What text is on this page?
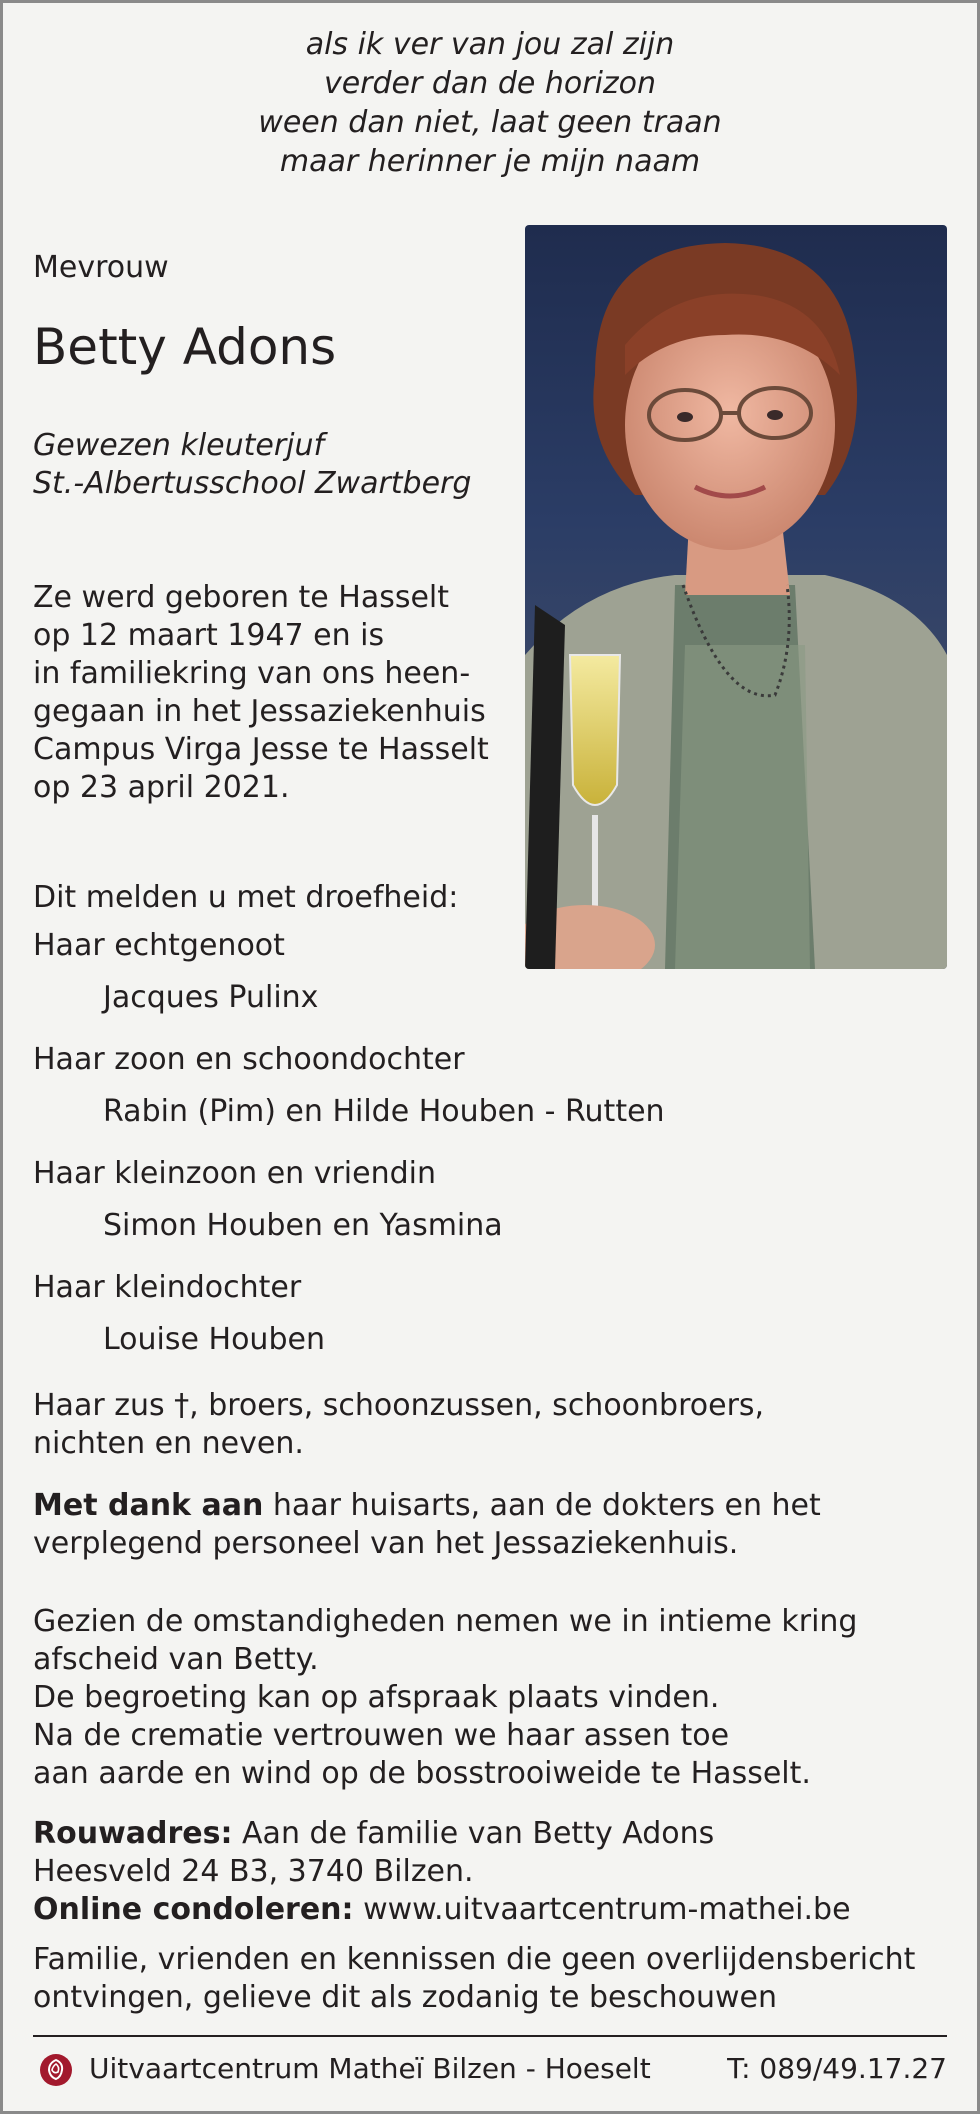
als ik ver van jou zal zijn
verder dan de horizon
ween dan niet, laat geen traan
maar herinner je mijn naam
Mevrouw
Betty Adons
Gewezen kleuterjuf
St.-Albertusschool Zwartberg
Ze werd geboren te Hasselt
op 12 maart 1947 en is
in familiekring van ons heen-
gegaan in het Jessaziekenhuis
Campus Virga Jesse te Hasselt
op 23 april 2021.
Dit melden u met droefheid:
Haar echtgenoot
Jacques Pulinx
Haar zoon en schoondochter
Rabin (Pim) en Hilde Houben - Rutten
Haar kleinzoon en vriendin
Simon Houben en Yasmina
Haar kleindochter
Louise Houben
Haar zus †, broers, schoonzussen, schoonbroers,
nichten en neven.
Met dank aan haar huisarts, aan de dokters en het
verplegend personeel van het Jessaziekenhuis.
Gezien de omstandigheden nemen we in intieme kring
afscheid van Betty.
De begroeting kan op afspraak plaats vinden.
Na de crematie vertrouwen we haar assen toe
aan aarde en wind op de bosstrooiweide te Hasselt.
Rouwadres: Aan de familie van Betty Adons
Heesveld 24 B3, 3740 Bilzen.
Online condoleren: www.uitvaartcentrum-mathei.be
Familie, vrienden en kennissen die geen overlijdensbericht
ontvingen, gelieve dit als zodanig te beschouwen
Uitvaartcentrum Matheï Bilzen - Hoeselt	T: 089/49.17.27
